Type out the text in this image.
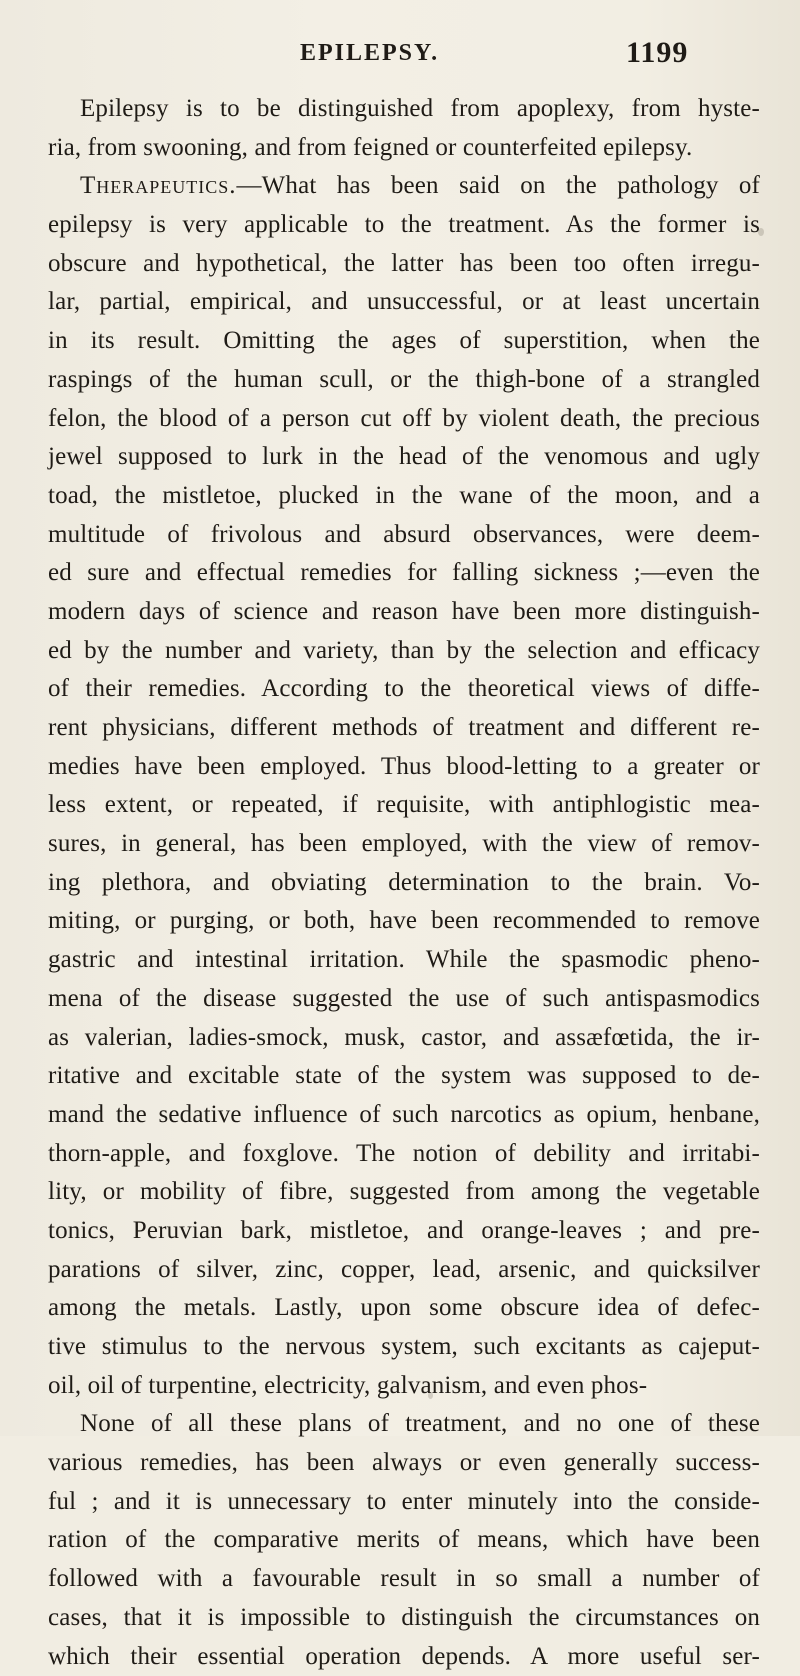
EPILEPSY.	1199
Epilepsy is to be distinguished from apoplexy, from hyste-
ria, from swooning, and from feigned or counterfeited epilepsy.
Therapeutics.—What has been said on the pathology of
epilepsy is very applicable to the treatment. As the former is
obscure and hypothetical, the latter has been too often irregu-
lar, partial, empirical, and unsuccessful, or at least uncertain
in its result. Omitting the ages of superstition, when the
raspings of the human scull, or the thigh-bone of a strangled
felon, the blood of a person cut off by violent death, the precious
jewel supposed to lurk in the head of the venomous and ugly
toad, the mistletoe, plucked in the wane of the moon, and a
multitude of frivolous and absurd observances, were deem-
ed sure and effectual remedies for falling sickness ;—even the
modern days of science and reason have been more distinguish-
ed by the number and variety, than by the selection and efficacy
of their remedies. According to the theoretical views of diffe-
rent physicians, different methods of treatment and different re-
medies have been employed. Thus blood-letting to a greater or
less extent, or repeated, if requisite, with antiphlogistic mea-
sures, in general, has been employed, with the view of remov-
ing plethora, and obviating determination to the brain. Vo-
miting, or purging, or both, have been recommended to remove
gastric and intestinal irritation. While the spasmodic pheno-
mena of the disease suggested the use of such antispasmodics
as valerian, ladies-smock, musk, castor, and assæfœtida, the ir-
ritative and excitable state of the system was supposed to de-
mand the sedative influence of such narcotics as opium, henbane,
thorn-apple, and foxglove. The notion of debility and irritabi-
lity, or mobility of fibre, suggested from among the vegetable
tonics, Peruvian bark, mistletoe, and orange-leaves ; and pre-
parations of silver, zinc, copper, lead, arsenic, and quicksilver
among the metals. Lastly, upon some obscure idea of defec-
tive stimulus to the nervous system, such excitants as cajeput-
oil, oil of turpentine, electricity, galvanism, and even phos-
None of all these plans of treatment, and no one of these
various remedies, has been always or even generally success-
ful ; and it is unnecessary to enter minutely into the conside-
ration of the comparative merits of means, which have been
followed with a favourable result in so small a number of
cases, that it is impossible to distinguish the circumstances on
which their essential operation depends. A more useful ser-
